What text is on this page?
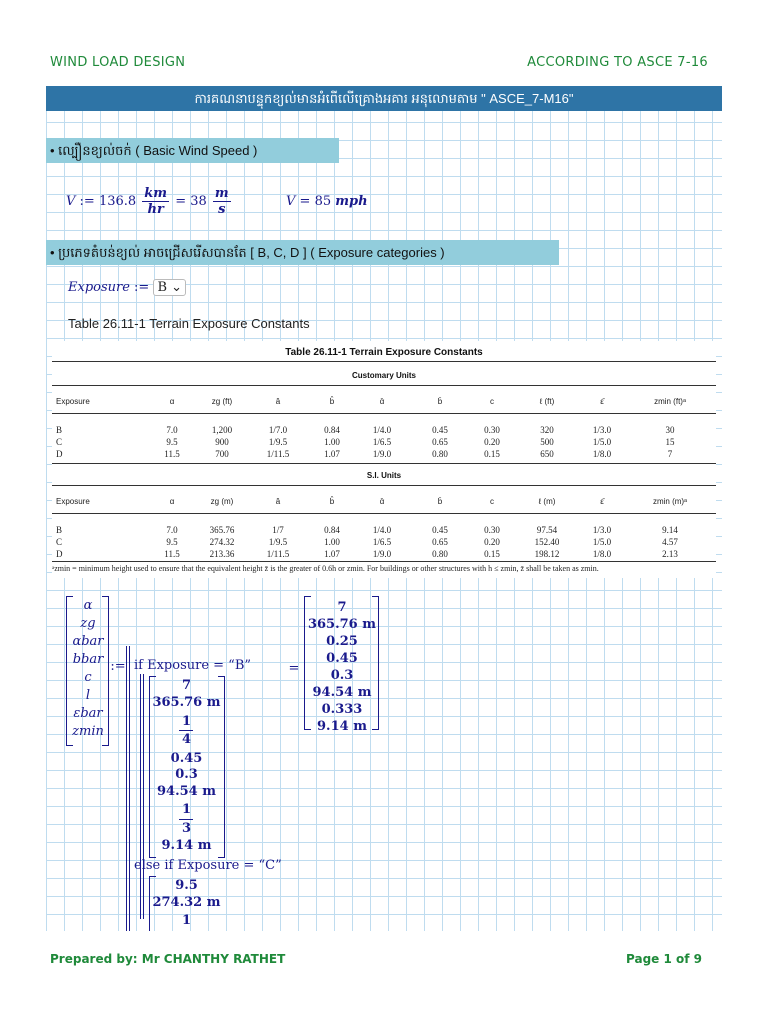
WIND LOAD DESIGN	ACCORDING TO ASCE 7-16
ការគណនាបន្ទុកខ្យល់មានអំពើលើគ្រោងអគារ អនុលោមតាម " ASCE_7-M16"
• ល្បឿនខ្យល់ចក់ ( Basic Wind Speed )
V := $136.8 \frac{km}{hr} = 38 \frac{m}{s}$	V = 85 mph
• ប្រភេទតំបន់ខ្យល់ អាចជ្រើសរើសបានតែ [ B, C, D ] ( Exposure categories )
Exposure := B ⌄
Table 26.11-1 Terrain Exposure Constants
Table 26.11-1 Terrain Exposure Constants
Customary Units
Exposure	α	zg (ft)	â	b̂	ᾱ	b̄	c	ℓ (ft)	ε̄	zmin (ft)ᵃ
B	7.0	1,200	1/7.0	0.84	1/4.0	0.45	0.30	320	1/3.0	30
C	9.5	900	1/9.5	1.00	1/6.5	0.65	0.20	500	1/5.0	15
D	11.5	700	1/11.5	1.07	1/9.0	0.80	0.15	650	1/8.0	7
S.I. Units
Exposure	α	zg (m)	â	b̂	ᾱ	b̄	c	ℓ (m)	ε̄	zmin (m)ᵃ
B	7.0	365.76	1/7	0.84	1/4.0	0.45	0.30	97.54	1/3.0	9.14
C	9.5	274.32	1/9.5	1.00	1/6.5	0.65	0.20	152.40	1/5.0	4.57
D	11.5	213.36	1/11.5	1.07	1/9.0	0.80	0.15	198.12	1/8.0	2.13
ᵃzmin = minimum height used to ensure that the equivalent height z̄ is the greater of 0.6h or zmin. For buildings or other structures with h ≤ zmin, z̄ shall be taken as zmin.
α
zg
αbar
bbar
c
l
εbar
zmin
:= if Exposure = “B”
7
365.76 m
1
4
0.45
0.3
94.54 m
1
3
9.14 m
else if Exposure = “C”
9.5
274.32 m
1
=
7
365.76 m
0.25
0.45
0.3
94.54 m
0.333
9.14 m
Prepared by: Mr CHANTHY RATHET	Page 1 of 9
